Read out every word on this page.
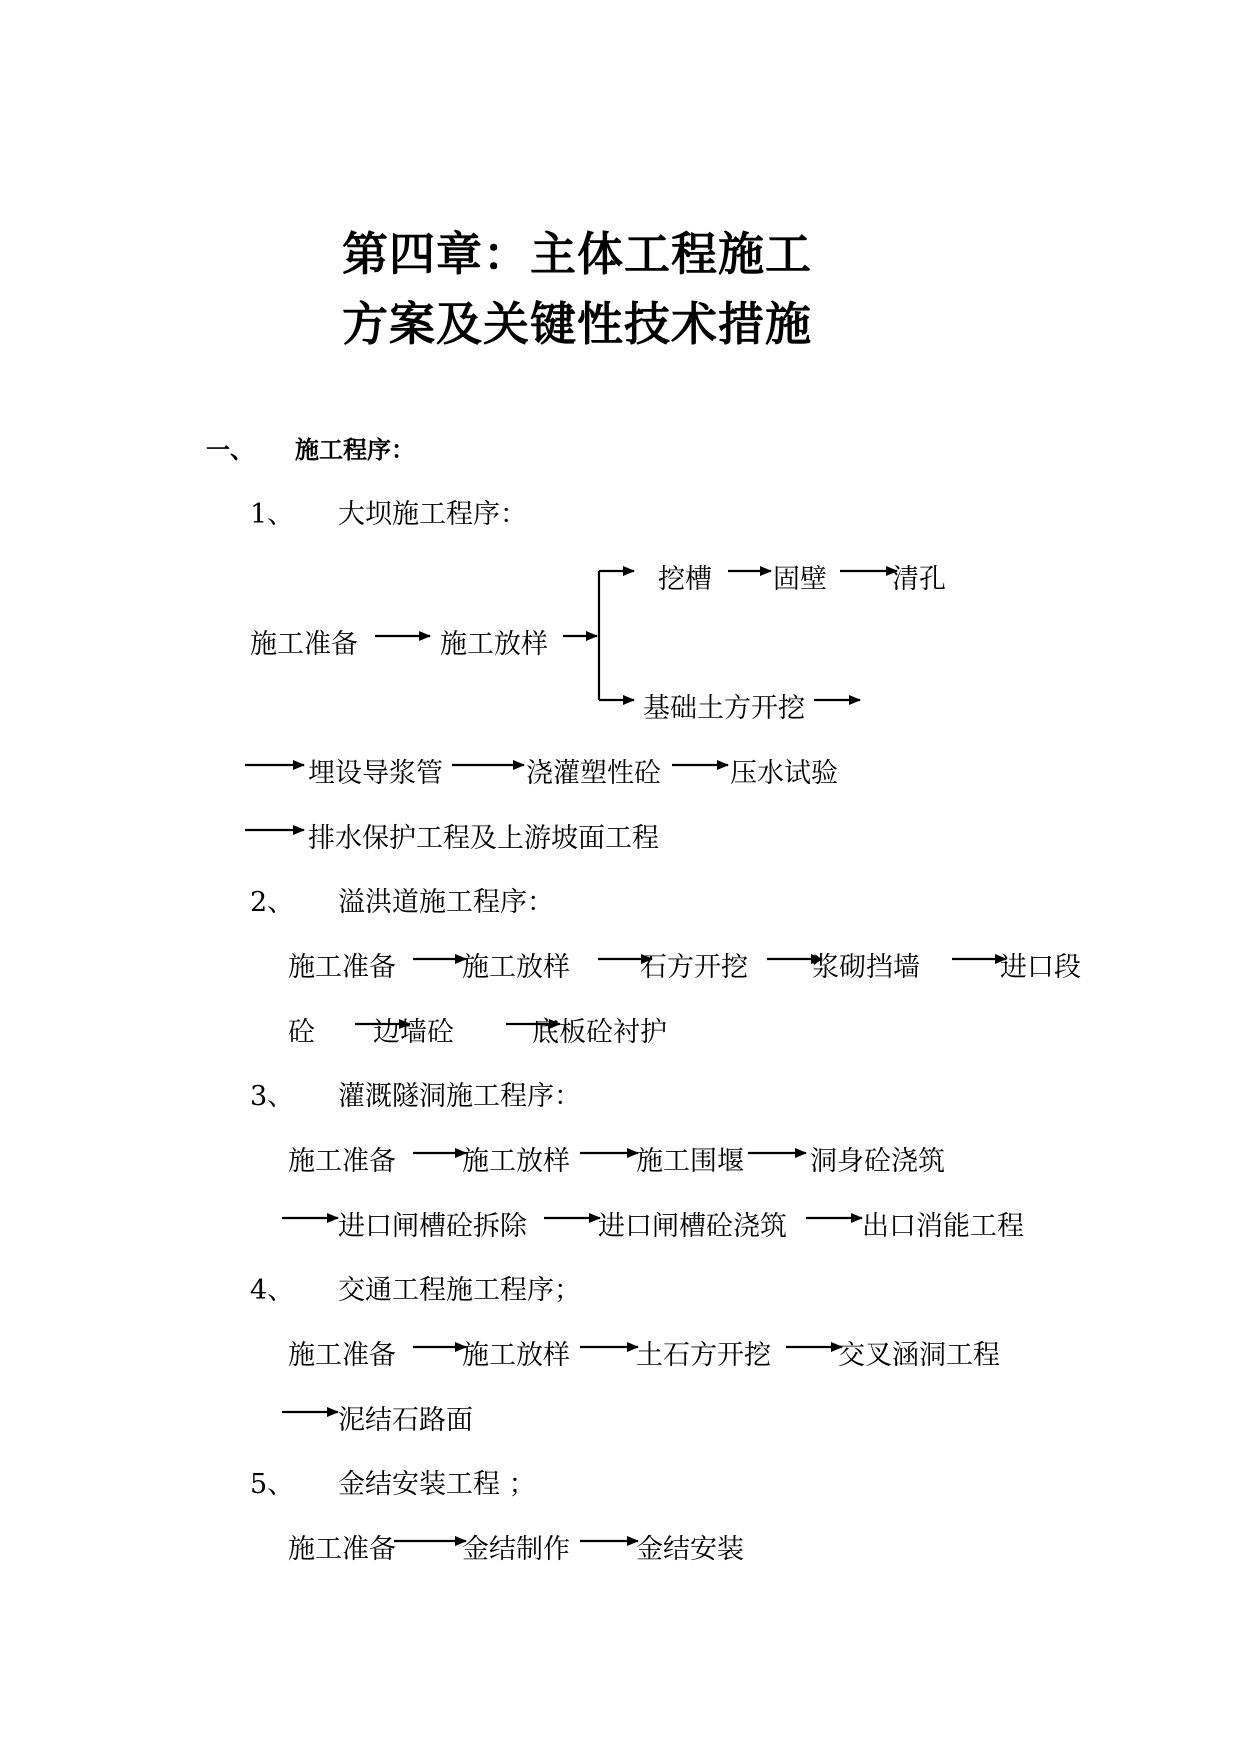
第四章：主体工程施工
方案及关键性技术措施
一、 施工程序：
1、 大坝施工程序：
挖槽 固壁 清孔
施工准备	施工放样
基础土方开挖
埋设导浆管	浇灌塑性砼	压水试验
排水保护工程及上游坡面工程
2、 溢洪道施工程序：
施工准备 施工放样	石方开挖 浆砌挡墙	进口段
砼 边墙砼	底板砼衬护
3、 灌溉隧洞施工程序：
施工准备 施工放样 施工围堰 洞身砼浇筑
进口闸槽砼拆除	进口闸槽砼浇筑	出口消能工程
4、 交通工程施工程序；
施工准备 施工放样 土石方开挖 交叉涵洞工程
泥结石路面
5、 金结安装工程 ；
施工准备 金结制作 金结安装
